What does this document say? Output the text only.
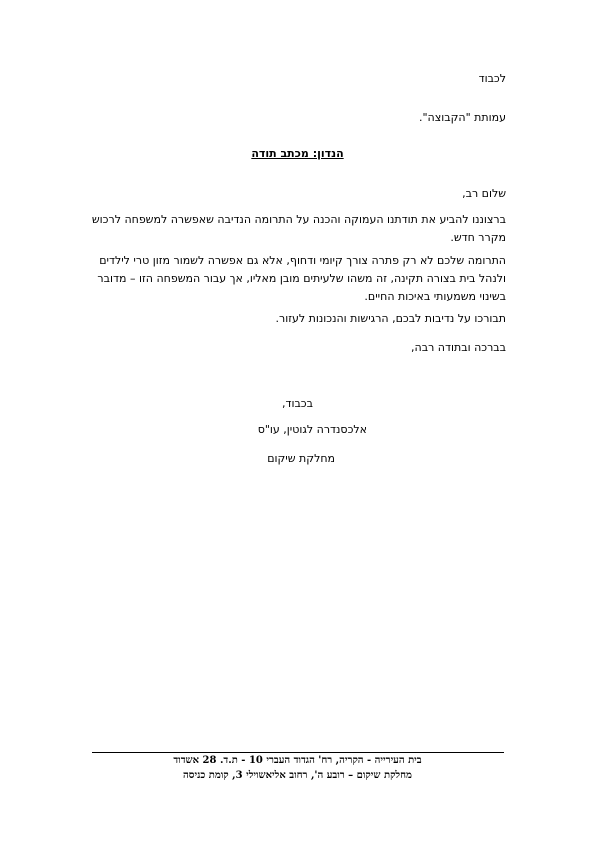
לכבוד
עמותת "הקבוצה".
הנדון: מכתב תודה
שלום רב,
ברצוננו להביע את תודתנו העמוקה והכנה על התרומה הנדיבה שאפשרה למשפחה לרכוש מקרר חדש.
התרומה שלכם לא רק פתרה צורך קיומי ודחוף, אלא גם אפשרה לשמור מזון טרי לילדים ולנהל בית בצורה תקינה, זה משהו שלעיתים מובן מאליו, אך עבור המשפחה הזו – מדובר בשינוי משמעותי באיכות החיים.
תבורכו על נדיבות לבכם, הרגישות והנכונות לעזור.
בברכה ובתודה רבה,
בכבוד,
אלכסנדרה לגוטין, עו"ס
מחלקת שיקום
בית העירייה - הקריה, רח' הגדוד העברי 10 - ת.ד. 28 אשדוד
מחלקת שיקום – רובע ה', רחוב אליאשוילי 3, קומת כניסה
